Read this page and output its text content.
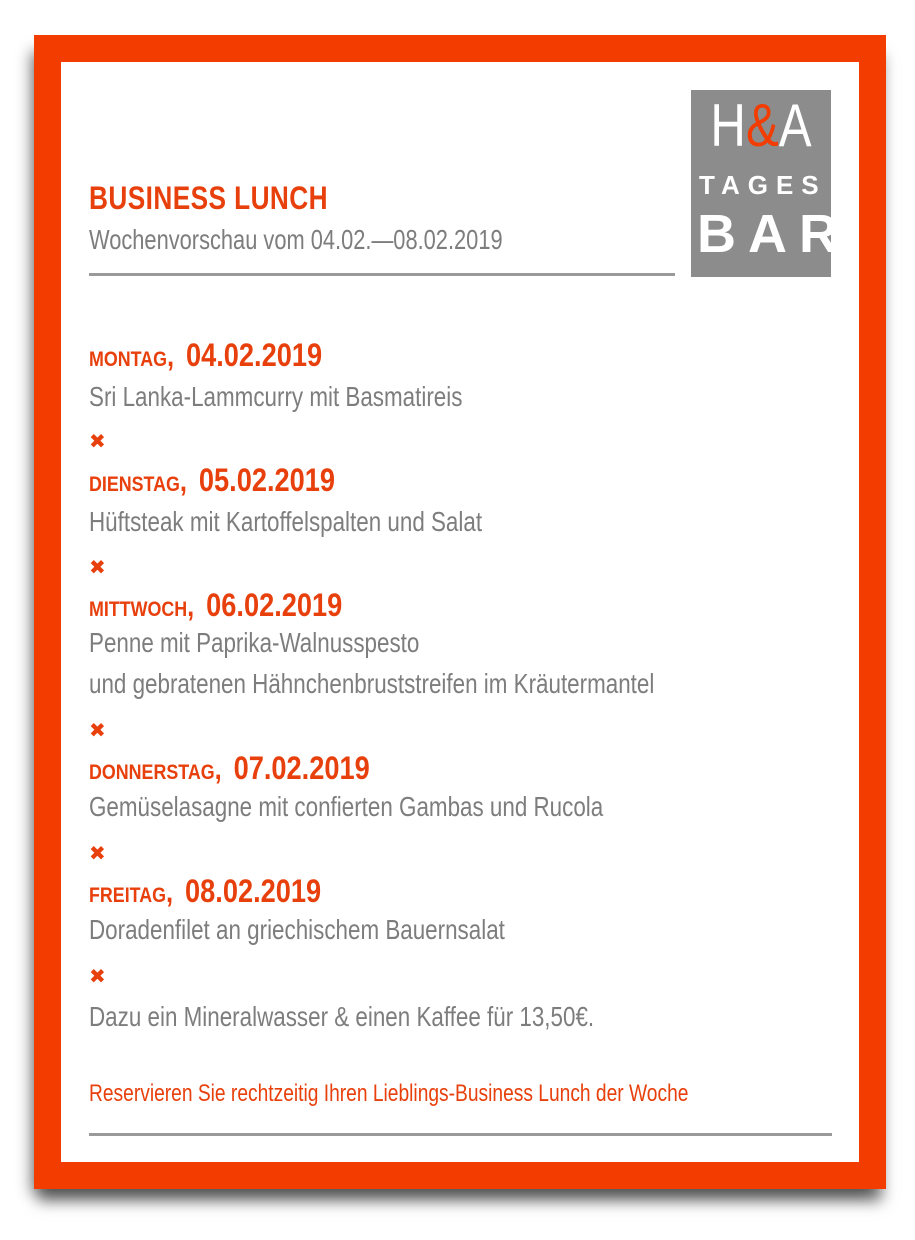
BUSINESS LUNCH
Wochenvorschau vom 04.02.—08.02.2019
H&A
TAGES
BAR
MONTAG, 04.02.2019
Sri Lanka-Lammcurry mit Basmatireis
✖
DIENSTAG, 05.02.2019
Hüftsteak mit Kartoffelspalten und Salat
✖
MITTWOCH, 06.02.2019
Penne mit Paprika-Walnusspesto
und gebratenen Hähnchenbruststreifen im Kräutermantel
✖
DONNERSTAG, 07.02.2019
Gemüselasagne mit confierten Gambas und Rucola
✖
FREITAG, 08.02.2019
Doradenfilet an griechischem Bauernsalat
✖
Dazu ein Mineralwasser & einen Kaffee für 13,50€.
Reservieren Sie rechtzeitig Ihren Lieblings-Business Lunch der Woche
